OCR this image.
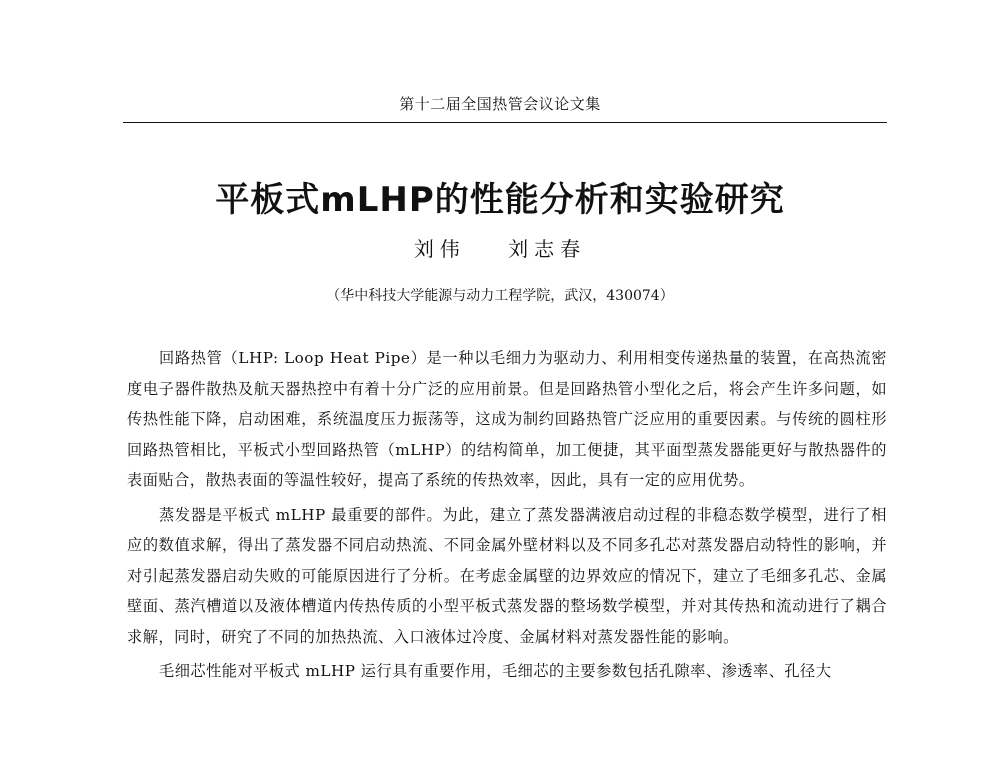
第十二届全国热管会议论文集
平板式mLHP的性能分析和实验研究
刘伟 刘志春
（华中科技大学能源与动力工程学院，武汉，430074）

回路热管（LHP: Loop Heat Pipe）是一种以毛细力为驱动力、利用相变传递热量的装置，在高热流密度电子器件散热及航天器热控中有着十分广泛的应用前景。但是回路热管小型化之后，将会产生许多问题，如传热性能下降，启动困难，系统温度压力振荡等，这成为制约回路热管广泛应用的重要因素。与传统的圆柱形回路热管相比，平板式小型回路热管（mLHP）的结构简单，加工便捷，其平面型蒸发器能更好与散热器件的表面贴合，散热表面的等温性较好，提高了系统的传热效率，因此，具有一定的应用优势。

蒸发器是平板式 mLHP 最重要的部件。为此，建立了蒸发器满液启动过程的非稳态数学模型，进行了相应的数值求解，得出了蒸发器不同启动热流、不同金属外壁材料以及不同多孔芯对蒸发器启动特性的影响，并对引起蒸发器启动失败的可能原因进行了分析。在考虑金属壁的边界效应的情况下，建立了毛细多孔芯、金属壁面、蒸汽槽道以及液体槽道内传热传质的小型平板式蒸发器的整场数学模型，并对其传热和流动进行了耦合求解，同时，研究了不同的加热热流、入口液体过冷度、金属材料对蒸发器性能的影响。

毛细芯性能对平板式 mLHP 运行具有重要作用，毛细芯的主要参数包括孔隙率、渗透率、孔径大
